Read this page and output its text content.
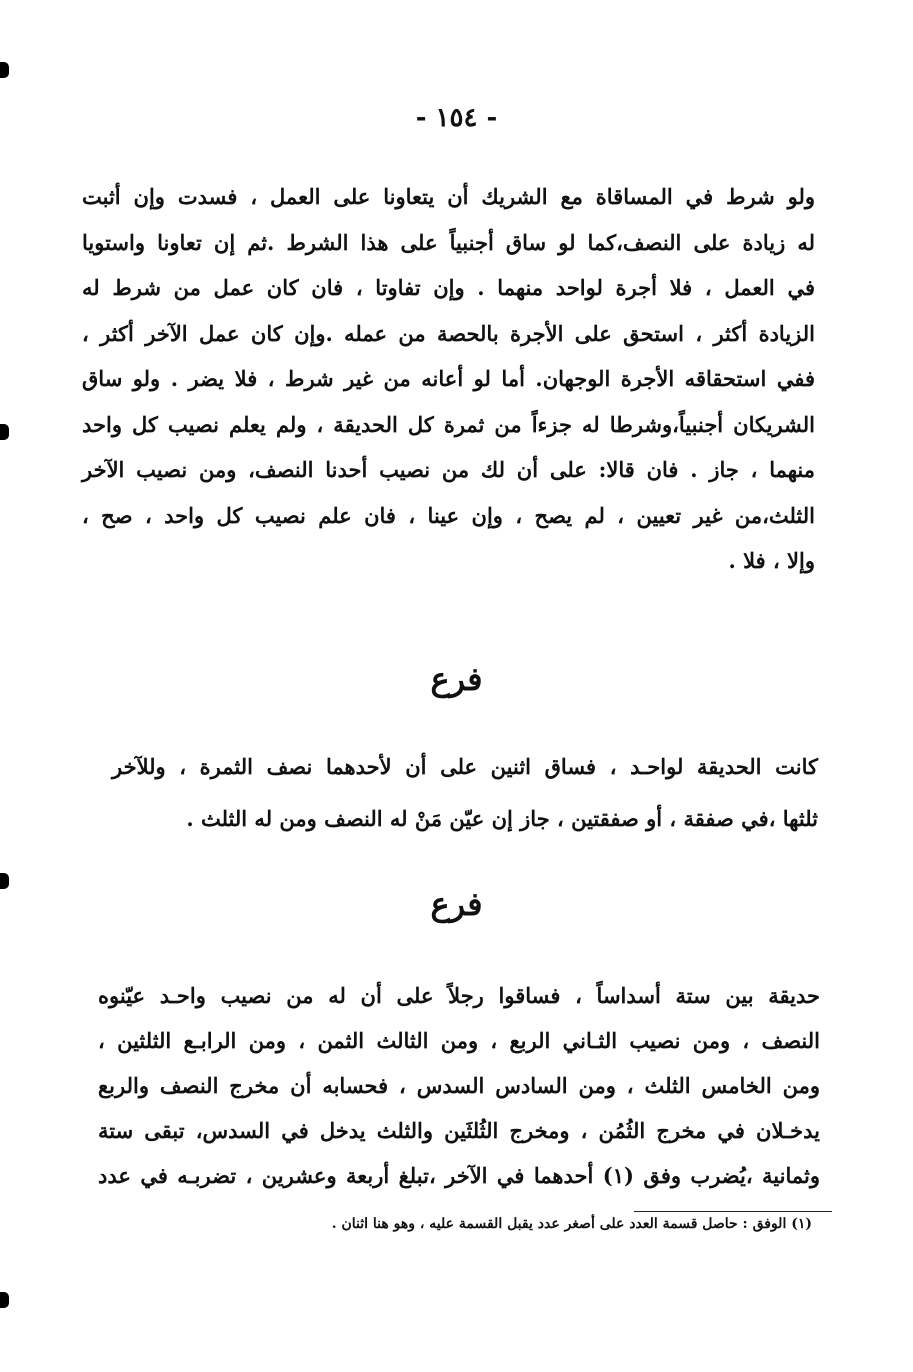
- ١٥٤ -
ولو شرط في المساقاة مع الشريك أن يتعاونا على العمل ، فسدت وإن أثبت
له زيادة على النصف،كما لو ساق أجنبياً على هذا الشرط .ثم إن تعاونا واستويا
في العمل ، فلا أجرة لواحد منهما . وإن تفاوتا ، فان كان عمل من شرط له
الزيادة أكثر ، استحق على الأجرة بالحصة من عمله .وإن كان عمل الآخر أكثر ،
ففي استحقاقه الأجرة الوجهان. أما لو أعانه من غير شرط ، فلا يضر . ولو ساق
الشريكان أجنبياً،وشرطا له جزءاً من ثمرة كل الحديقة ، ولم يعلم نصيب كل واحد
منهما ، جاز . فان قالا: على أن لك من نصيب أحدنا النصف، ومن نصيب الآخر
الثلث،من غير تعيين ، لم يصح ، وإن عينا ، فان علم نصيب كل واحد ، صح ،
وإلا ، فلا .
فرع
كانت الحديقة لواحـد ، فساق اثنين على أن لأحدهما نصف الثمرة ، وللآخر
ثلثها ،في صفقة ، أو صفقتين ، جاز إن عيّن مَنْ له النصف ومن له الثلث .
فرع
حديقة بين ستة أسداساً ، فساقوا رجلاً على أن له من نصيب واحـد عيّنوه
النصف ، ومن نصيب الثـاني الربع ، ومن الثالث الثمن ، ومن الرابـع الثلثين ،
ومن الخامس الثلث ، ومن السادس السدس ، فحسابه أن مخرج النصف والربع
يدخـلان في مخرج الثُمُن ، ومخرج الثُلثَين والثلث يدخل في السدس، تبقى ستة
وثمانية ،يُضرب وفق (١) أحدهما في الآخر ،تبلغ أربعة وعشرين ، تضربـه في عدد
(١) الوفق : حاصل قسمة العدد على أصغر عدد يقبل القسمة عليه ، وهو هنا اثنان .
